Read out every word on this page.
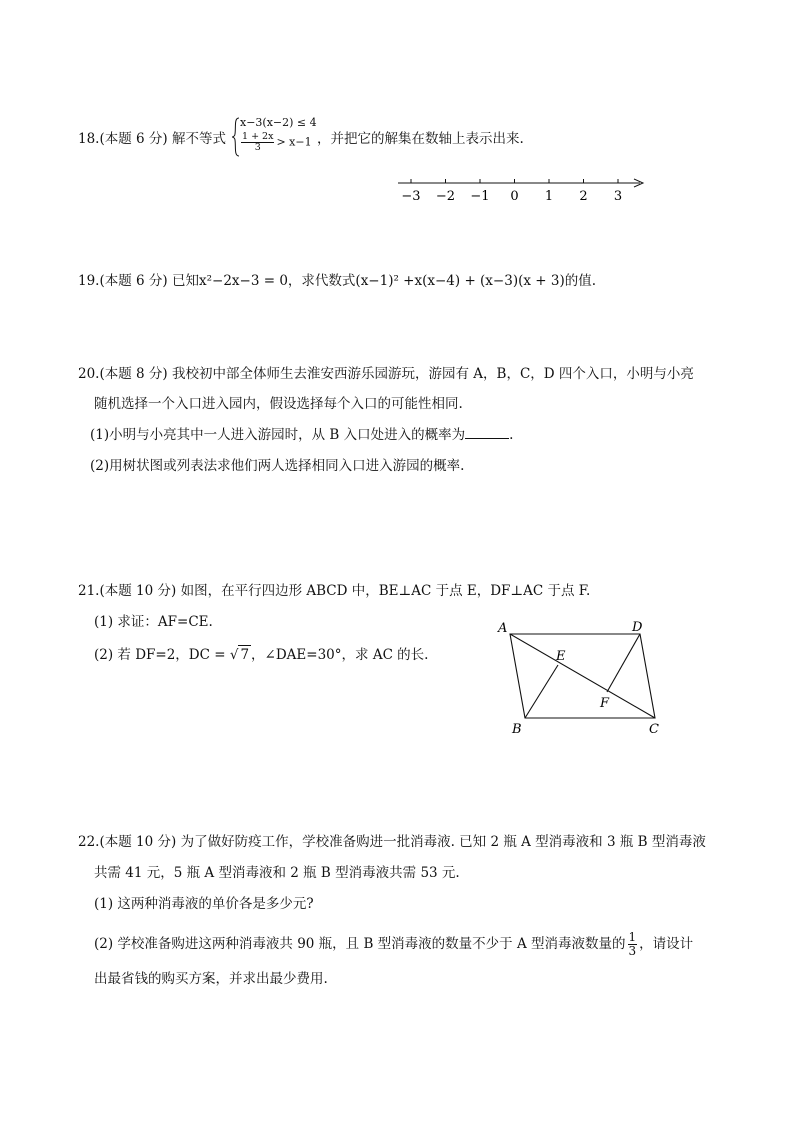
18.(本题 6 分) 解不等式
x−3(x−2) ≤ 4
$\frac{1 + 2x}{3} > x-1$ ，并把它的解集在数轴上表示出来.
−3 −2 −1 0 1 2 3
19.(本题 6 分) 已知x²−2x−3 = 0，求代数式(x−1)² +x(x−4) + (x−3)(x + 3)的值.
20.(本题 8 分) 我校初中部全体师生去淮安西游乐园游玩，游园有 A，B，C，D 四个入口，小明与小亮
随机选择一个入口进入园内，假设选择每个入口的可能性相同.
(1)小明与小亮其中一人进入游园时，从 B 入口处进入的概率为	.
(2)用树状图或列表法求他们两人选择相同入口进入游园的概率.
21.(本题 10 分) 如图，在平行四边形 ABCD 中，BE⊥AC 于点 E，DF⊥AC 于点 F.
(1) 求证：AF=CE.
(2) 若 DF=2，DC = √ 7 ，∠DAE=30°，求 AC 的长.
A	D
E
F
B	C
22.(本题 10 分) 为了做好防疫工作，学校准备购进一批消毒液. 已知 2 瓶 A 型消毒液和 3 瓶 B 型消毒液
共需 41 元，5 瓶 A 型消毒液和 2 瓶 B 型消毒液共需 53 元.
(1) 这两种消毒液的单价各是多少元?
(2) 学校准备购进这两种消毒液共 90 瓶，且 B 型消毒液的数量不少于 A 型消毒液数量的 $\frac{1}{3}$ ，请设计
出最省钱的购买方案，并求出最少费用.
